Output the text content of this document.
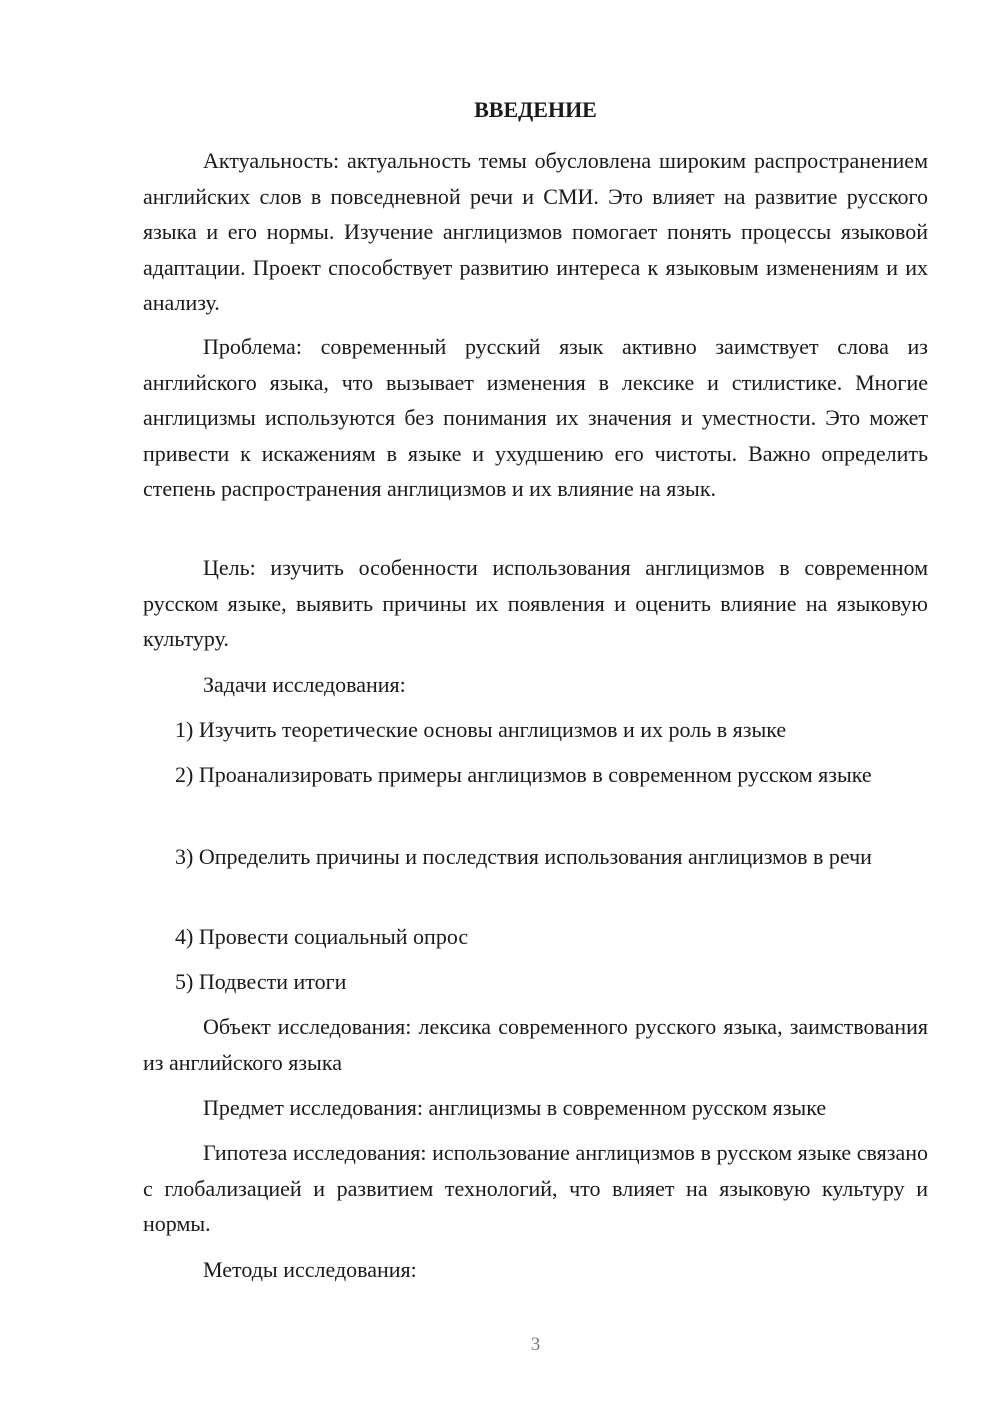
ВВЕДЕНИЕ

Актуальность: актуальность темы обусловлена широким распространением английских слов в повседневной речи и СМИ. Это влияет на развитие русского языка и его нормы. Изучение англицизмов помогает понять процессы языковой адаптации. Проект способствует развитию интереса к языковым изменениям и их анализу.

Проблема: современный русский язык активно заимствует слова из английского языка, что вызывает изменения в лексике и стилистике. Многие англицизмы используются без понимания их значения и уместности. Это может привести к искажениям в языке и ухудшению его чистоты. Важно определить степень распространения англицизмов и их влияние на язык.

Цель: изучить особенности использования англицизмов в современном русском языке, выявить причины их появления и оценить влияние на языковую культуру.

Задачи исследования:

1) Изучить теоретические основы англицизмов и их роль в языке

2) Проанализировать примеры англицизмов в современном русском языке

3) Определить причины и последствия использования англицизмов в речи

4) Провести социальный опрос

5) Подвести итоги

Объект исследования: лексика современного русского языка, заимствования из английского языка

Предмет исследования: англицизмы в современном русском языке

Гипотеза исследования: использование англицизмов в русском языке связано с глобализацией и развитием технологий, что влияет на языковую культуру и нормы.

Методы исследования:

3
